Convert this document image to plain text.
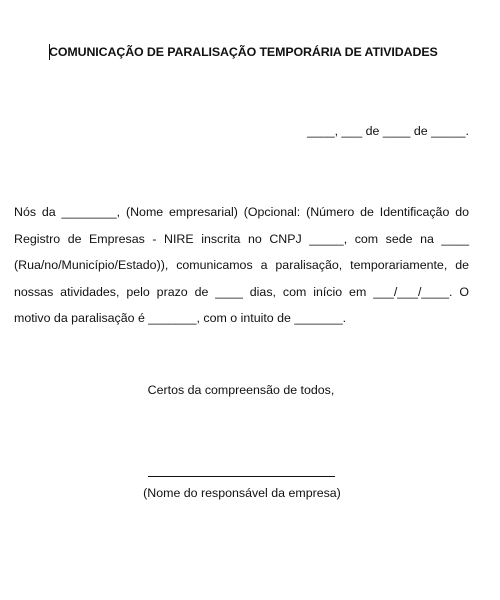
COMUNICAÇÃO DE PARALISAÇÃO TEMPORÁRIA DE ATIVIDADES
____, ___ de ____ de _____.
Nós da ________, (Nome empresarial) (Opcional: (Número de Identificação do Registro de Empresas - NIRE inscrita no CNPJ _____, com sede na ____ (Rua/no/Município/Estado)), comunicamos a paralisação, temporariamente, de nossas atividades, pelo prazo de ____ dias, com início em ___/___/____. O motivo da paralisação é _______, com o intuito de _______.
Certos da compreensão de todos,
(Nome do responsável da empresa)
